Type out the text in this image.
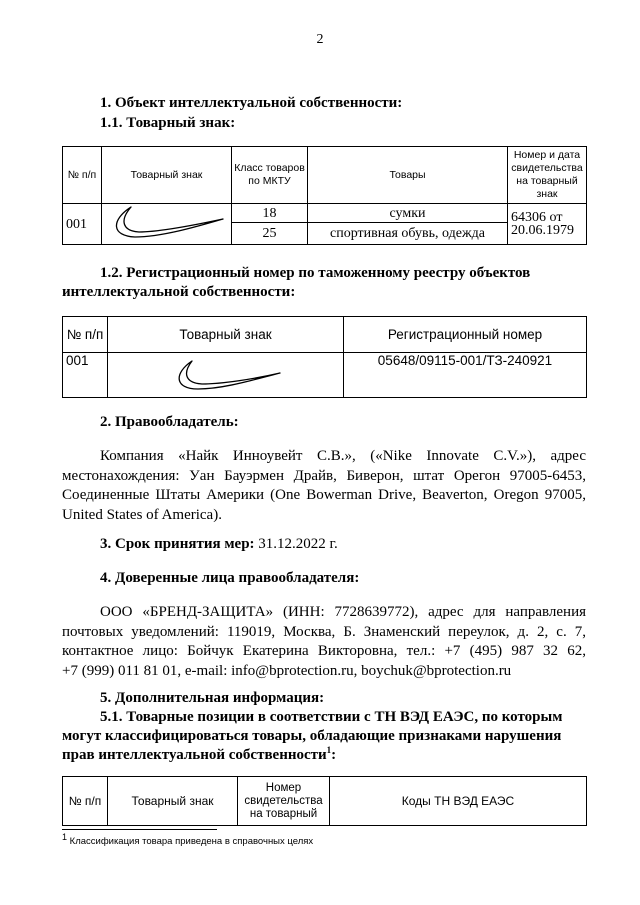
2
1. Объект интеллектуальной собственности:
1.1. Товарный знак:
№ п/п	Товарный знак	Класс товаров по МКТУ	Товары	Номер и дата свидетельства на товарный знак
001		18	сумки	64306 от
20.06.1979

		25	спортивная обувь, одежда	
1.2. Регистрационный номер по таможенному реестру объектов
интеллектуальной собственности:
№ п/п	Товарный знак	Регистрационный номер
001		05648/09115-001/ТЗ-240921
2. Правообладатель:
Компания «Найк Инноувейт С.В.», («Nike Innovate C.V.»), адрес
местонахождения: Уан Бауэрмен Драйв, Биверон, штат Орегон 97005-6453,
Соединенные Штаты Америки (One Bowerman Drive, Beaverton, Oregon 97005,
United States of America).
3. Срок принятия мер: 31.12.2022 г.
4. Доверенные лица правообладателя:
ООО «БРЕНД-ЗАЩИТА» (ИНН: 7728639772), адрес для направления
почтовых уведомлений: 119019, Москва, Б. Знаменский переулок, д. 2, с. 7,
контактное лицо: Бойчук Екатерина Викторовна, тел.: +7 (495) 987 32 62,
+7 (999) 011 81 01, e-mail: info@bprotection.ru, boychuk@bprotection.ru
5. Дополнительная информация:
5.1. Товарные позиции в соответствии с ТН ВЭД ЕАЭС, по которым
могут классифицироваться товары, обладающие признаками нарушения
прав интеллектуальной собственности$^1$:
№ п/п	Товарный знак	Номер свидетельства на товарный	Коды ТН ВЭД ЕАЭС
$^1$ Классификация товара приведена в справочных целях
